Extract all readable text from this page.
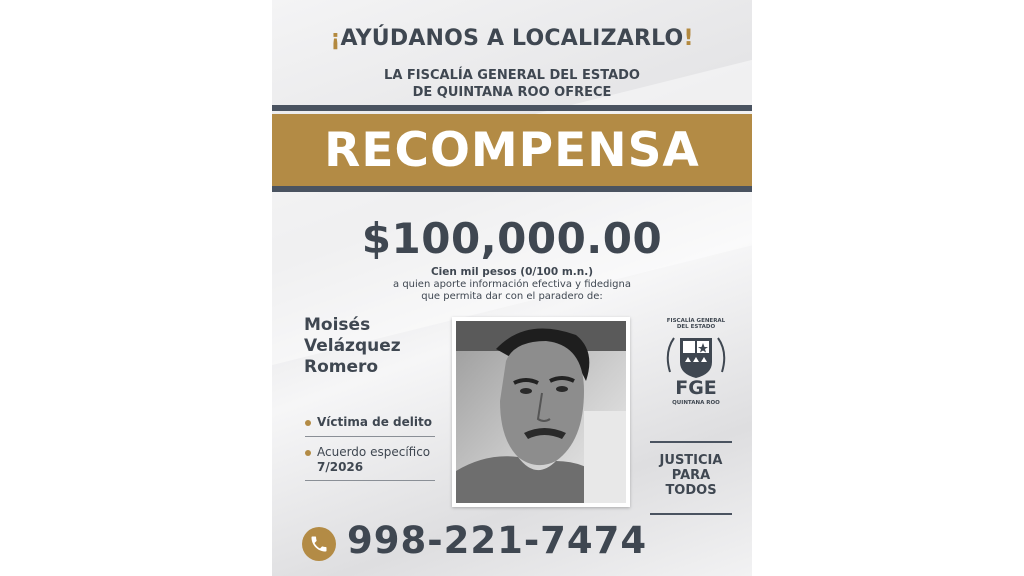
¡AYÚDANOS A LOCALIZARLO!
LA FISCALÍA GENERAL DEL ESTADO
DE QUINTANA ROO OFRECE
RECOMPENSA
$100,000.00
Cien mil pesos (0/100 m.n.)
a quien aporte información efectiva y fidedigna
que permita dar con el paradero de:
Moisés
Velázquez
Romero
Víctima de delito
Acuerdo específico
7/2026
FISCALÍA GENERAL
DEL ESTADO
FGE
QUINTANA ROO
JUSTICIA
PARA
TODOS
998-221-7474
